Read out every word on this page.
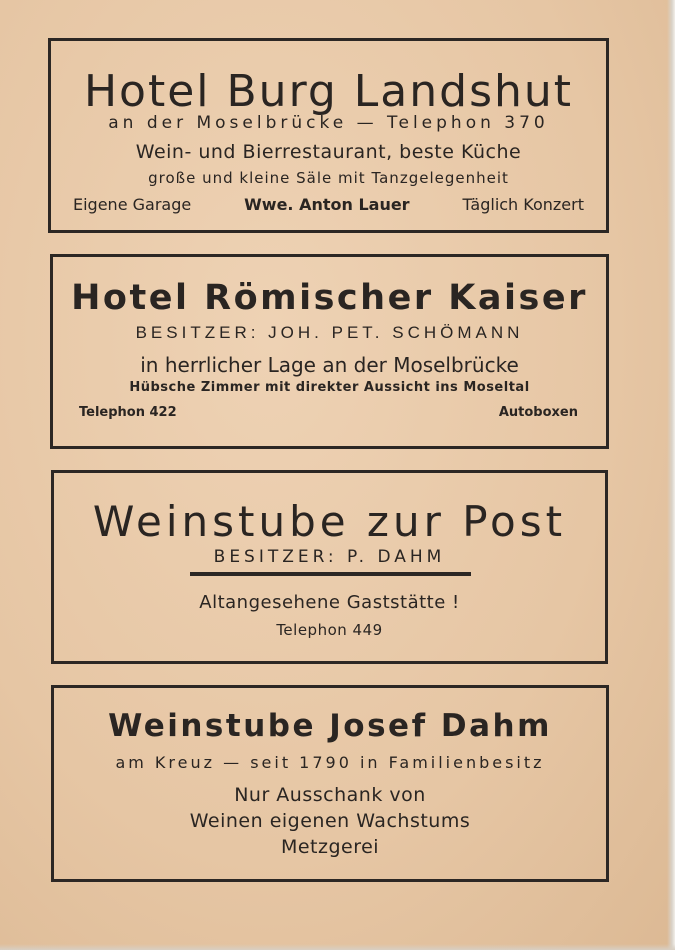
Hotel Burg Landshut
an der Moselbrücke — Telephon 370
Wein- und Bierrestaurant, beste Küche
große und kleine Säle mit Tanzgelegenheit
Eigene Garage	Wwe. Anton Lauer	Täglich Konzert
Hotel Römischer Kaiser
BESITZER: JOH. PET. SCHÖMANN
in herrlicher Lage an der Moselbrücke
Hübsche Zimmer mit direkter Aussicht ins Moseltal
Telephon 422	Autoboxen
Weinstube zur Post
BESITZER: P. DAHM
Altangesehene Gaststätte !
Telephon 449
Weinstube Josef Dahm
am Kreuz — seit 1790 in Familienbesitz
Nur Ausschank von
Weinen eigenen Wachstums
Metzgerei
